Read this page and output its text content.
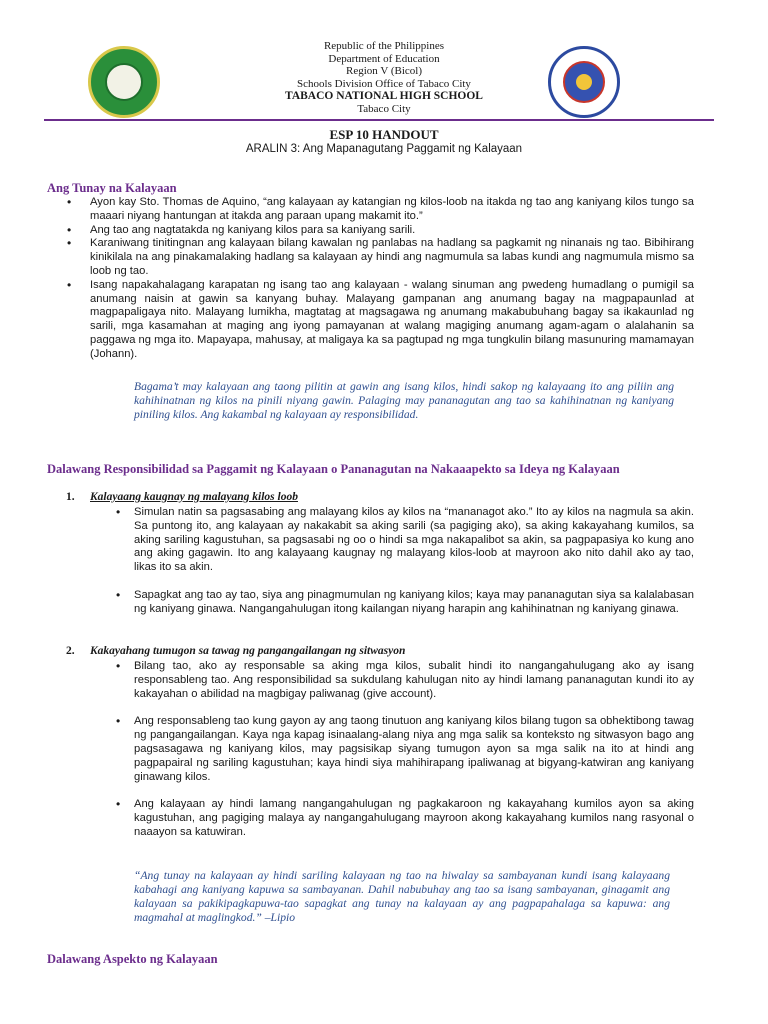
Republic of the Philippines
Department of Education
Region V (Bicol)
Schools Division Office of Tabaco City
TABACO NATIONAL HIGH SCHOOL
Tabaco City
ESP 10 HANDOUT
ARALIN 3: Ang Mapanagutang Paggamit ng Kalayaan
Ang Tunay na Kalayaan
• Ayon kay Sto. Thomas de Aquino, “ang kalayaan ay katangian ng kilos-loob na itakda ng tao ang kaniyang kilos tungo sa maaari niyang hantungan at itakda ang paraan upang makamit ito.”
• Ang tao ang nagtatakda ng kaniyang kilos para sa kaniyang sarili.
• Karaniwang tinitingnan ang kalayaan bilang kawalan ng panlabas na hadlang sa pagkamit ng ninanais ng tao. Bibihirang kinikilala na ang pinakamalaking hadlang sa kalayaan ay hindi ang nagmumula sa labas kundi ang nagmumula mismo sa loob ng tao.
• Isang napakahalagang karapatan ng isang tao ang kalayaan - walang sinuman ang pwedeng humadlang o pumigil sa anumang naisin at gawin sa kanyang buhay. Malayang gampanan ang anumang bagay na magpapaunlad at magpapaligaya nito. Malayang lumikha, magtatag at magsagawa ng anumang makabubuhang bagay sa ikakaunlad ng sarili, mga kasamahan at maging ang iyong pamayanan at walang magiging anumang agam-agam o alalahanin sa paggawa ng mga ito. Mapayapa, mahusay, at maligaya ka sa pagtupad ng mga tungkulin bilang masunuring mamamayan (Johann).
Bagama’t may kalayaan ang taong pilitin at gawin ang isang kilos, hindi sakop ng kalayaang ito ang piliin ang kahihinatnan ng kilos na pinili niyang gawin. Palaging may pananagutan ang tao sa kahihinatnan ng kaniyang piniling kilos. Ang kakambal ng kalayaan ay responsibilidad.
Dalawang Responsibilidad sa Paggamit ng Kalayaan o Pananagutan na Nakaaapekto sa Ideya ng Kalayaan
1. Kalayaang kaugnay ng malayang kilos loob
• Simulan natin sa pagsasabing ang malayang kilos ay kilos na “mananagot ako.” Ito ay kilos na nagmula sa akin. Sa puntong ito, ang kalayaan ay nakakabit sa aking sarili (sa pagiging ako), sa aking kakayahang kumilos, sa aking sariling kagustuhan, sa pagsasabi ng oo o hindi sa mga nakapalibot sa akin, sa pagpapasiya ko kung ano ang aking gagawin. Ito ang kalayaang kaugnay ng malayang kilos-loob at mayroon ako nito dahil ako ay tao, likas ito sa akin.
• Sapagkat ang tao ay tao, siya ang pinagmumulan ng kaniyang kilos; kaya may pananagutan siya sa kalalabasan ng kaniyang ginawa. Nangangahulugan itong kailangan niyang harapin ang kahihinatnan ng kaniyang ginawa.
2. Kakayahang tumugon sa tawag ng pangangailangan ng sitwasyon
• Bilang tao, ako ay responsable sa aking mga kilos, subalit hindi ito nangangahulugang ako ay isang responsableng tao. Ang responsibilidad sa sukdulang kahulugan nito ay hindi lamang pananagutan kundi ito ay kakayahan o abilidad na magbigay paliwanag (give account).
• Ang responsableng tao kung gayon ay ang taong tinutuon ang kaniyang kilos bilang tugon sa obhektibong tawag ng pangangailangan. Kaya nga kapag isinaalang-alang niya ang mga salik sa konteksto ng sitwasyon bago ang pagsasagawa ng kaniyang kilos, may pagsisikap siyang tumugon ayon sa mga salik na ito at hindi ang pagpapairal ng sariling kagustuhan; kaya hindi siya mahihirapang ipaliwanag at bigyang-katwiran ang kaniyang ginawang kilos.
• Ang kalayaan ay hindi lamang nangangahulugan ng pagkakaroon ng kakayahang kumilos ayon sa aking kagustuhan, ang pagiging malaya ay nangangahulugang mayroon akong kakayahang kumilos nang rasyonal o naaayon sa katuwiran.
“Ang tunay na kalayaan ay hindi sariling kalayaan ng tao na hiwalay sa sambayanan kundi isang kalayaang kabahagi ang kaniyang kapuwa sa sambayanan. Dahil nabubuhay ang tao sa isang sambayanan, ginagamit ang kalayaan sa pakikipagkapuwa-tao sapagkat ang tunay na kalayaan ay ang pagpapahalaga sa kapuwa: ang magmahal at maglingkod.” –Lipio
Dalawang Aspekto ng Kalayaan
